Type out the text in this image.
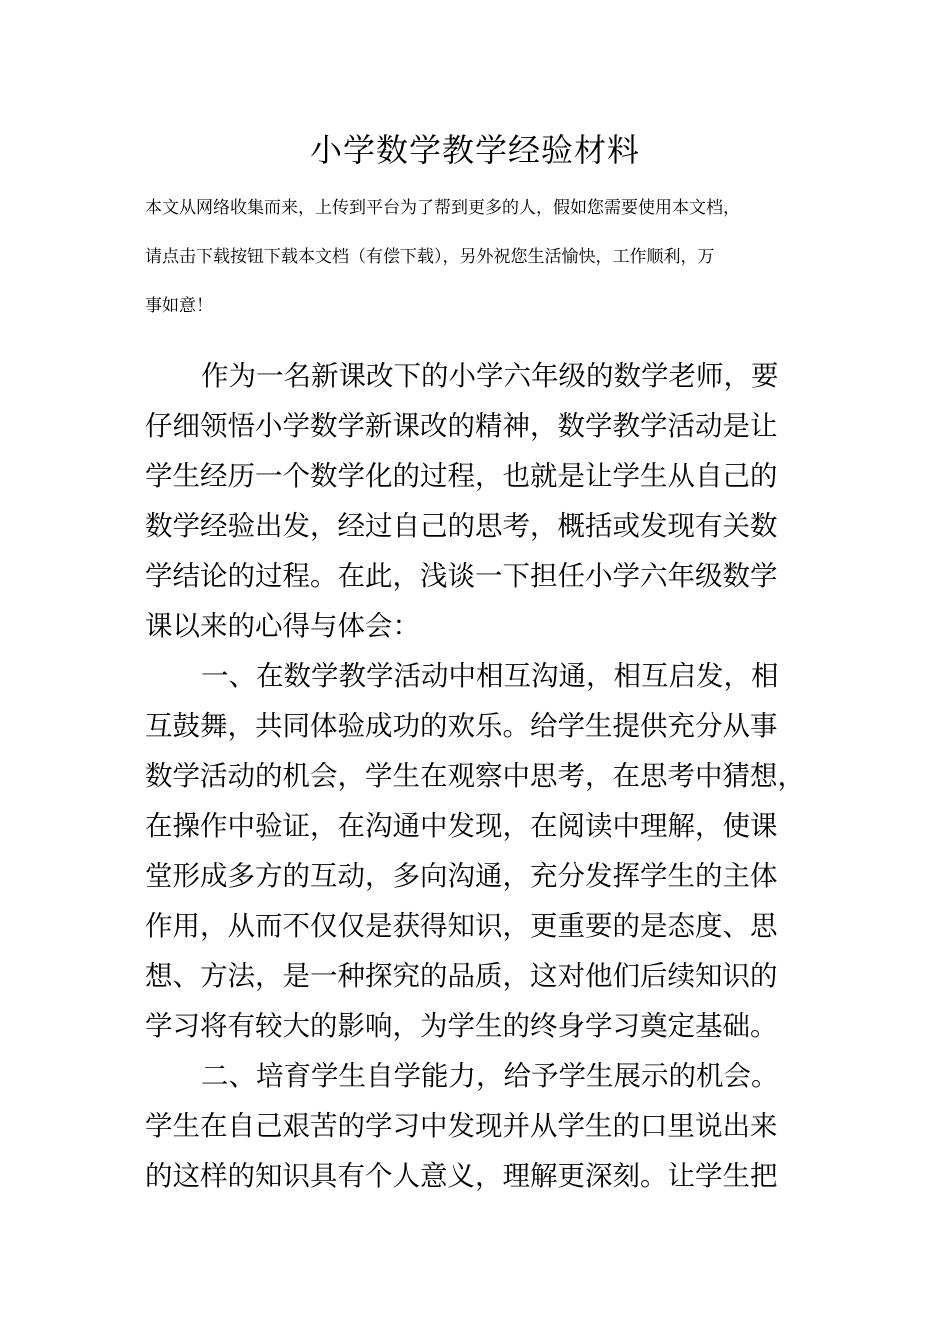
小学数学教学经验材料
本文从网络收集而来，上传到平台为了帮到更多的人，假如您需要使用本文档，
请点击下载按钮下载本文档（有偿下载），另外祝您生活愉快，工作顺利，万
事如意！
作为一名新课改下的小学六年级的数学老师，要
仔细领悟小学数学新课改的精神，数学教学活动是让
学生经历一个数学化的过程，也就是让学生从自己的
数学经验出发，经过自己的思考，概括或发现有关数
学结论的过程。在此，浅谈一下担任小学六年级数学
课以来的心得与体会：
一、在数学教学活动中相互沟通，相互启发，相
互鼓舞，共同体验成功的欢乐。给学生提供充分从事
数学活动的机会，学生在观察中思考，在思考中猜想，
在操作中验证，在沟通中发现，在阅读中理解，使课
堂形成多方的互动，多向沟通，充分发挥学生的主体
作用，从而不仅仅是获得知识，更重要的是态度、思
想、方法，是一种探究的品质，这对他们后续知识的
学习将有较大的影响，为学生的终身学习奠定基础。
二、培育学生自学能力，给予学生展示的机会。
学生在自己艰苦的学习中发现并从学生的口里说出来
的这样的知识具有个人意义，理解更深刻。让学生把
